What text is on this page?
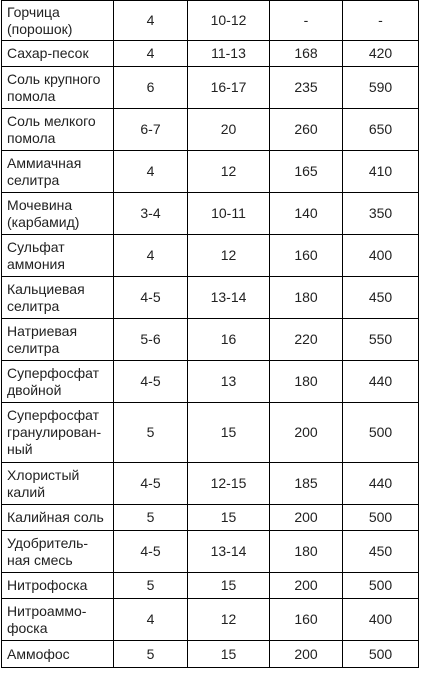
Горчица (порошок)	4	10-12	-	-
Сахар-песок	4	11-13	168	420
Соль крупного помола	6	16-17	235	590
Соль мелкого помола	6-7	20	260	650
Аммиачная селитра	4	12	165	410
Мочевина (карбамид)	3-4	10-11	140	350
Сульфат аммония	4	12	160	400
Кальциевая селитра	4-5	13-14	180	450
Натриевая селитра	5-6	16	220	550
Суперфосфат двойной	4-5	13	180	440
Суперфосфат гранулирован-ный	5	15	200	500
Хлористый калий	4-5	12-15	185	440
Калийная соль	5	15	200	500
Удобритель-ная смесь	4-5	13-14	180	450
Нитрофоска	5	15	200	500
Нитроаммо-фоска	4	12	160	400
Аммофос	5	15	200	500
